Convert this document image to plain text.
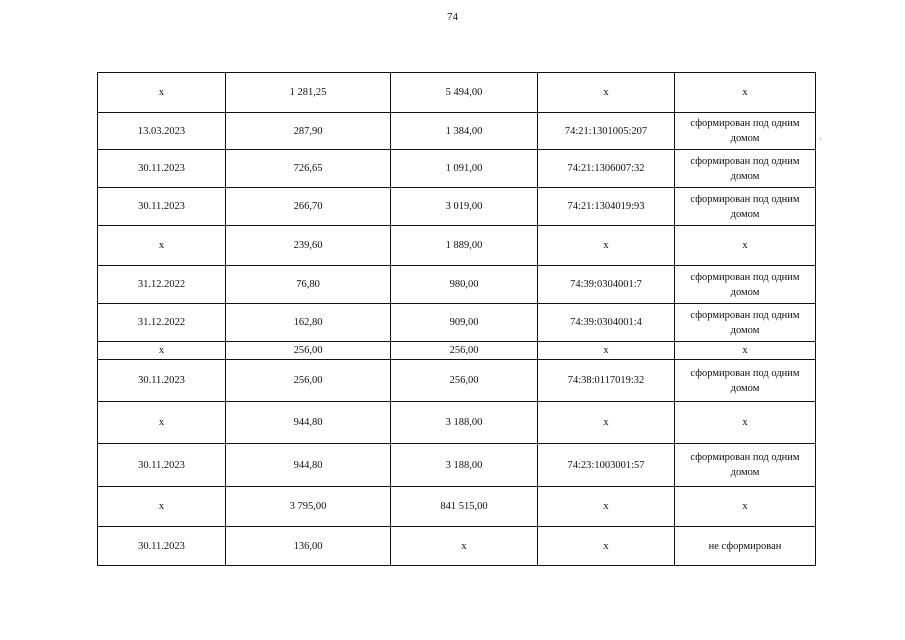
74
·
х	1 281,25	5 494,00	х	х
13.03.2023	287,90	1 384,00	74:21:1301005:207	сформирован под одним домом
30.11.2023	726,65	1 091,00	74:21:1306007:32	сформирован под одним домом
30.11.2023	266,70	3 019,00	74:21:1304019:93	сформирован под одним домом
х	239,60	1 889,00	х	х
31.12.2022	76,80	980,00	74:39:0304001:7	сформирован под одним домом
31.12.2022	162,80	909,00	74:39:0304001:4	сформирован под одним домом
х	256,00	256,00	х	х
30.11.2023	256,00	256,00	74:38:0117019:32	сформирован под одним домом
х	944,80	3 188,00	х	х
30.11.2023	944,80	3 188,00	74:23:1003001:57	сформирован под одним домом
х	3 795,00	841 515,00	х	х
30.11.2023	136,00	х	х	не сформирован
